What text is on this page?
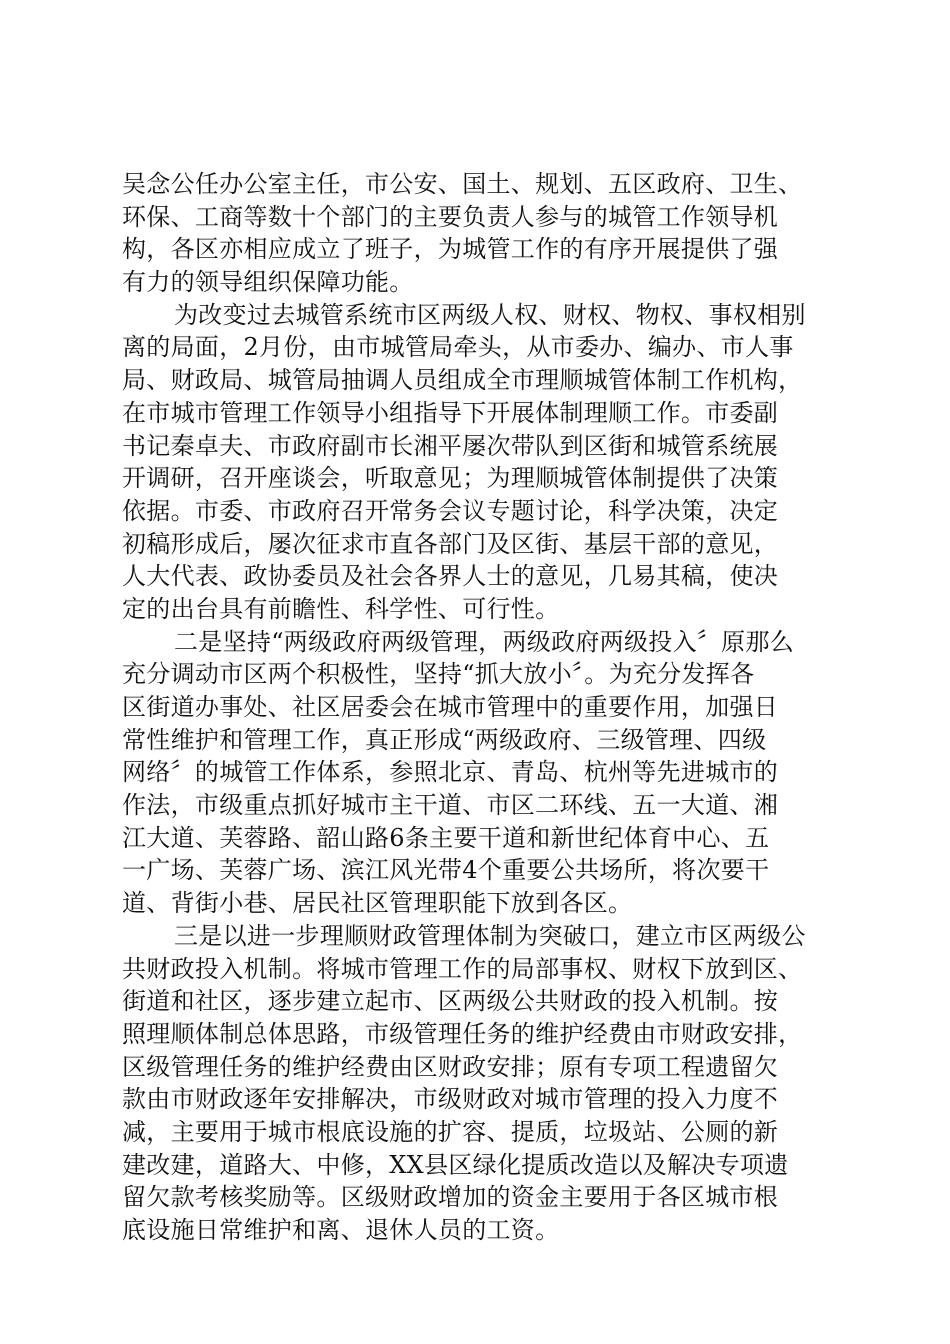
吴念公任办公室主任，市公安、国土、规划、五区政府、卫生、
环保、工商等数十个部门的主要负责人参与的城管工作领导机
构，各区亦相应成立了班子，为城管工作的有序开展提供了强
有力的领导组织保障功能。
为改变过去城管系统市区两级人权、财权、物权、事权相别
离的局面，2月份，由市城管局牵头，从市委办、编办、市人事
局、财政局、城管局抽调人员组成全市理顺城管体制工作机构，
在市城市管理工作领导小组指导下开展体制理顺工作。市委副
书记秦卓夫、市政府副市长湘平屡次带队到区街和城管系统展
开调研，召开座谈会，听取意见；为理顺城管体制提供了决策
依据。市委、市政府召开常务会议专题讨论，科学决策，决定
初稿形成后，屡次征求市直各部门及区街、基层干部的意见，
人大代表、政协委员及社会各界人士的意见，几易其稿，使决
定的出台具有前瞻性、科学性、可行性。
二是坚持“两级政府两级管理，两级政府两级投入〞原那么
充分调动市区两个积极性，坚持“抓大放小〞。为充分发挥各
区街道办事处、社区居委会在城市管理中的重要作用，加强日
常性维护和管理工作，真正形成“两级政府、三级管理、四级
网络〞的城管工作体系，参照北京、青岛、杭州等先进城市的
作法，市级重点抓好城市主干道、市区二环线、五一大道、湘
江大道、芙蓉路、韶山路6条主要干道和新世纪体育中心、五
一广场、芙蓉广场、滨江风光带4个重要公共场所，将次要干
道、背街小巷、居民社区管理职能下放到各区。
三是以进一步理顺财政管理体制为突破口，建立市区两级公
共财政投入机制。将城市管理工作的局部事权、财权下放到区、
街道和社区，逐步建立起市、区两级公共财政的投入机制。按
照理顺体制总体思路，市级管理任务的维护经费由市财政安排，
区级管理任务的维护经费由区财政安排；原有专项工程遗留欠
款由市财政逐年安排解决，市级财政对城市管理的投入力度不
减，主要用于城市根底设施的扩容、提质，垃圾站、公厕的新
建改建，道路大、中修，XX县区绿化提质改造以及解决专项遗
留欠款考核奖励等。区级财政增加的资金主要用于各区城市根
底设施日常维护和离、退休人员的工资。
